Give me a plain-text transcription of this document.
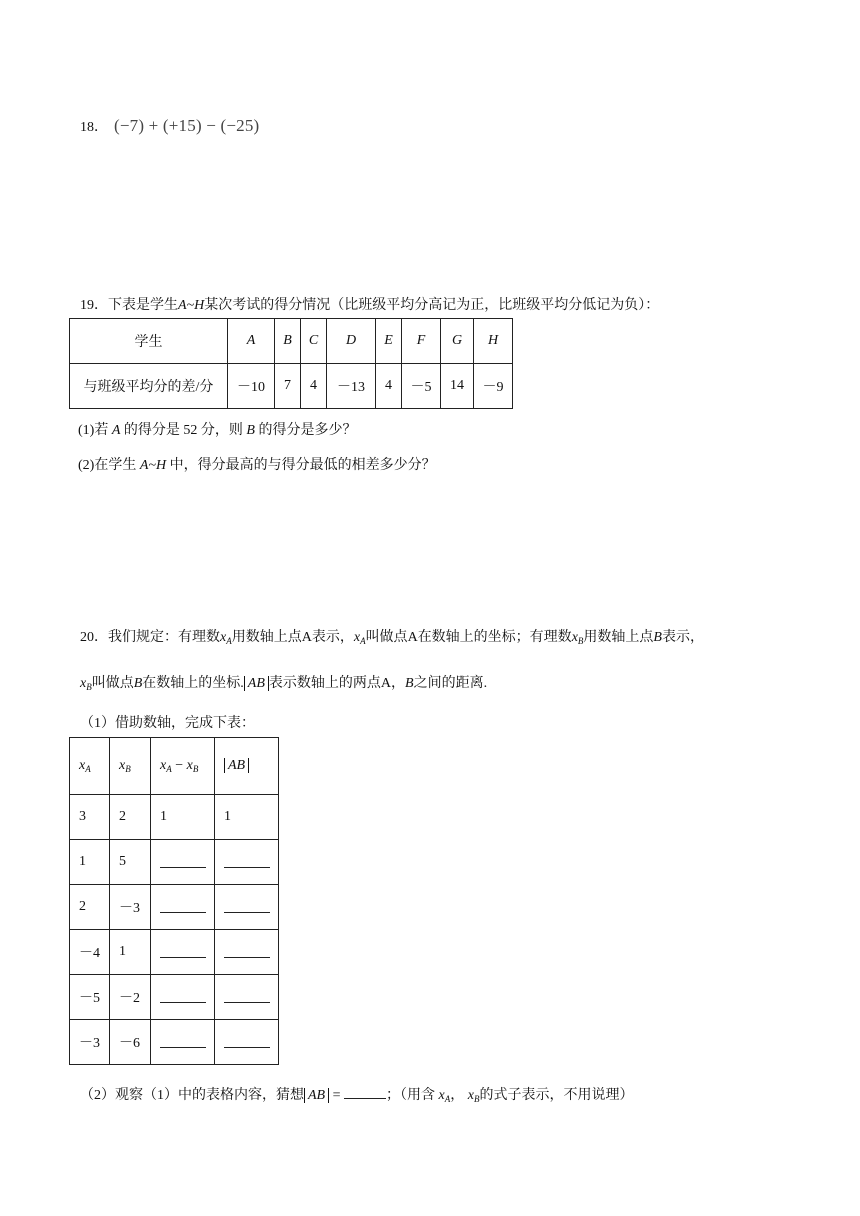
18． (−7) + (+15) − (−25)
19．下表是学生A~H某次考试的得分情况（比班级平均分高记为正，比班级平均分低记为负）：
学生	A	B	C	D	E	F	G	H
与班级平均分的差/分	－10	7	4	－13	4	－5	14	－9
(1)若 A 的得分是 52 分，则 B 的得分是多少？
(2)在学生 A~H 中，得分最高的与得分最低的相差多少分？
20．我们规定：有理数$x_A$用数轴上点A表示，$x_A$叫做点A在数轴上的坐标；有理数$x_B$用数轴上点B表示，
$x_B$叫做点B在数轴上的坐标. AB 表示数轴上的两点A，B之间的距离.
（1）借助数轴，完成下表：
$x_A$	$x_B$	$x_A - x_B$	AB
3	2	1	1
1	5		
2	－3		
－4	1		
－5	－2		
－3	－6		
（2）观察（1）中的表格内容，猜想 AB =	；（用含 $x_A$， $x_B$的式子表示，不用说理）
